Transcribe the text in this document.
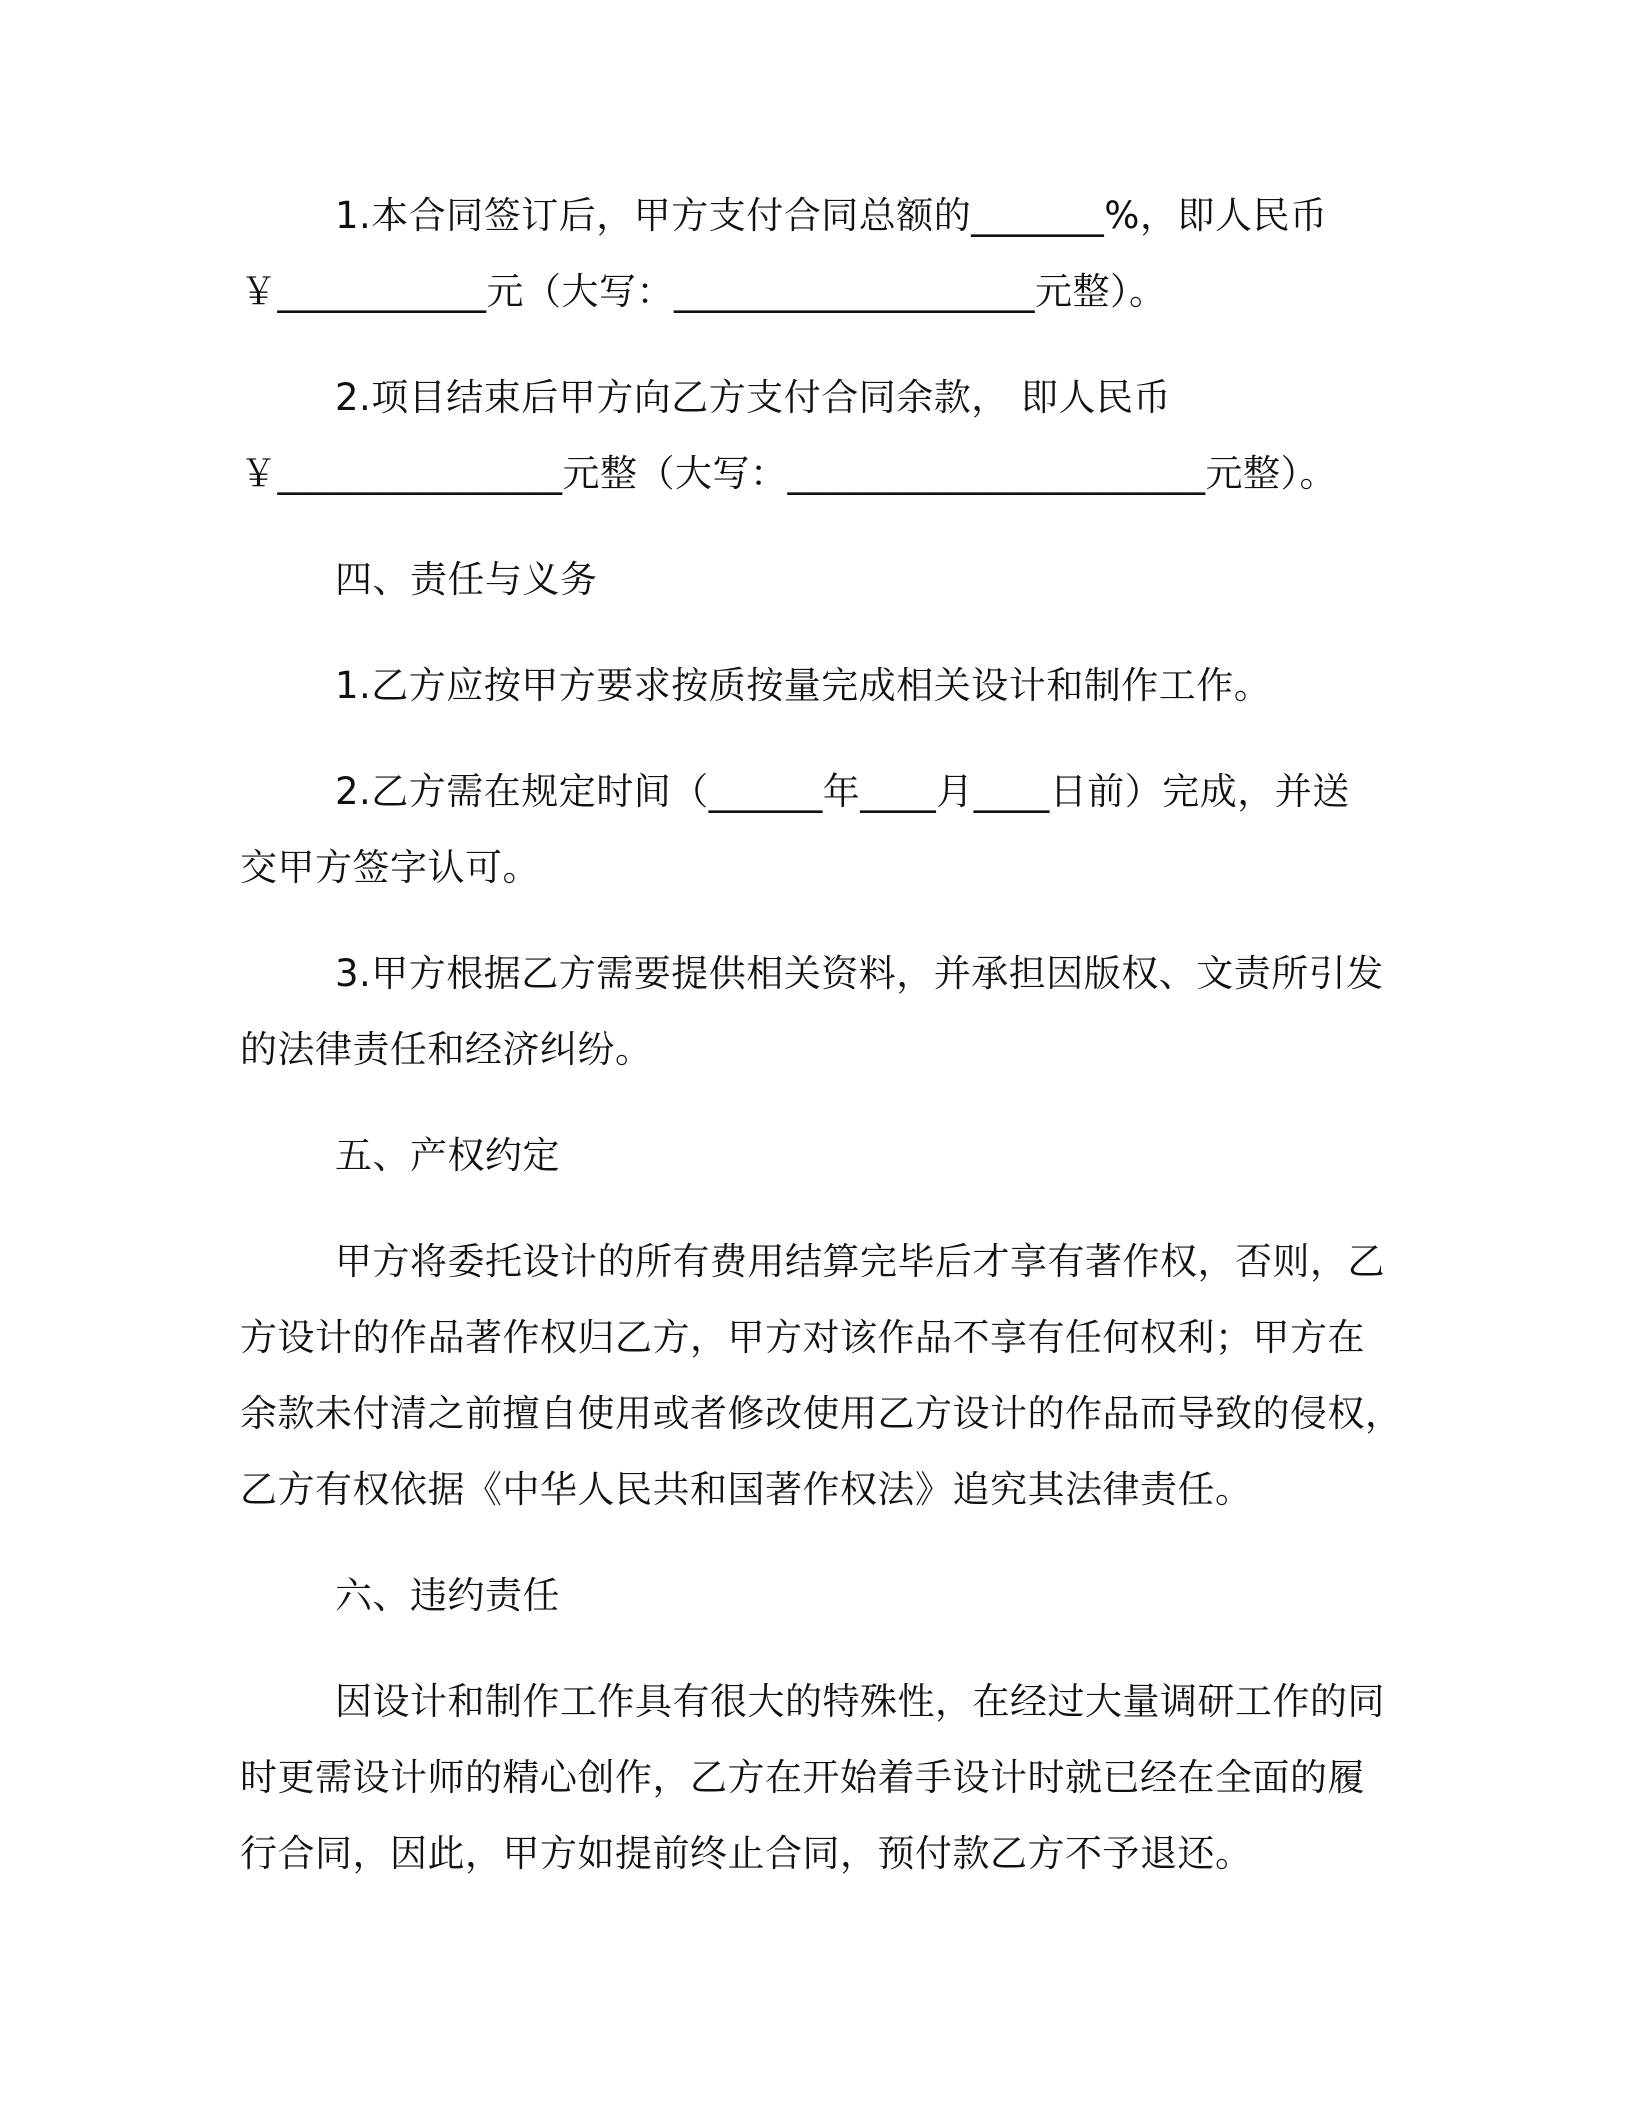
1.本合同签订后，甲方支付合同总额的_______%，即人民币
￥___________元（大写：___________________元整）。
2.项目结束后甲方向乙方支付合同余款， 即人民币
￥_______________元整（大写：______________________元整）。
四、责任与义务
1.乙方应按甲方要求按质按量完成相关设计和制作工作。
2.乙方需在规定时间（______年____月____日前）完成，并送
交甲方签字认可。
3.甲方根据乙方需要提供相关资料，并承担因版权、文责所引发
的法律责任和经济纠纷。
五、产权约定
甲方将委托设计的所有费用结算完毕后才享有著作权，否则，乙
方设计的作品著作权归乙方，甲方对该作品不享有任何权利；甲方在
余款未付清之前擅自使用或者修改使用乙方设计的作品而导致的侵权，
乙方有权依据《中华人民共和国著作权法》追究其法律责任。
六、违约责任
因设计和制作工作具有很大的特殊性，在经过大量调研工作的同
时更需设计师的精心创作，乙方在开始着手设计时就已经在全面的履
行合同，因此，甲方如提前终止合同，预付款乙方不予退还。
